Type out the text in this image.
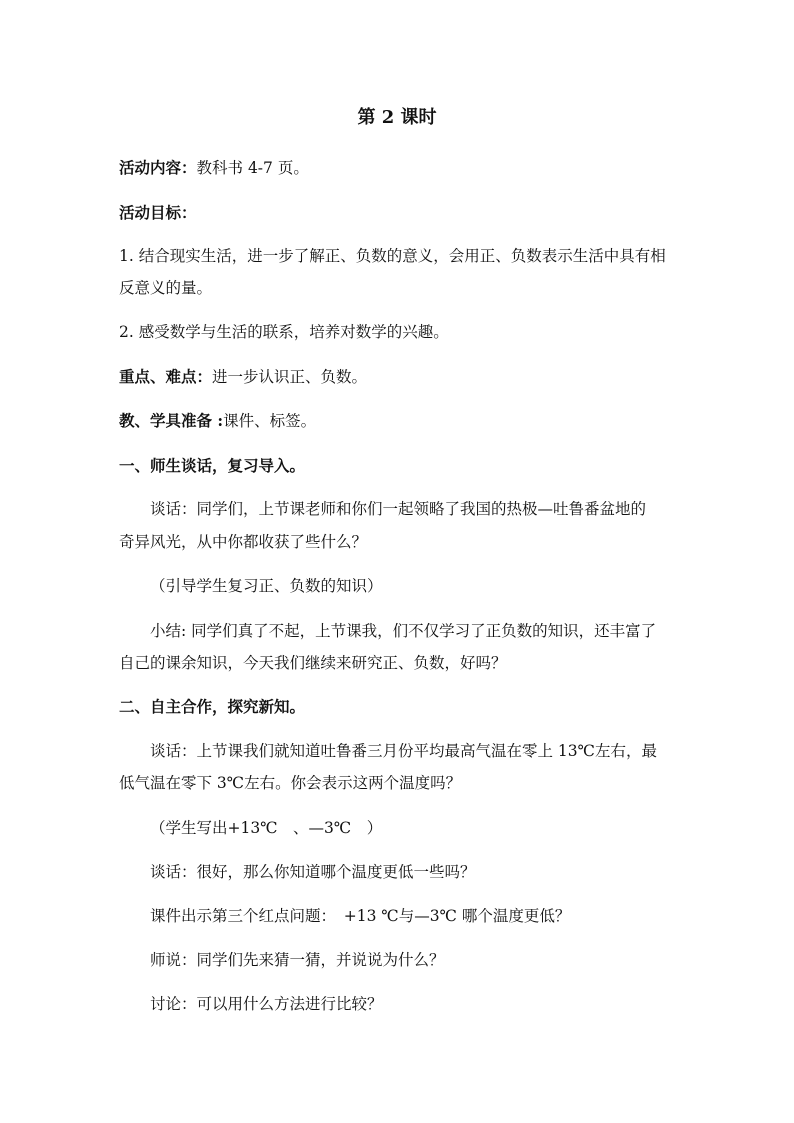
第 2 课时
活动内容：教科书 4-7 页。
活动目标：
1. 结合现实生活，进一步了解正、负数的意义，会用正、负数表示生活中具有相
反意义的量。
2. 感受数学与生活的联系，培养对数学的兴趣。
重点、难点：进一步认识正、负数。
教、学具准备 :课件、标签。
一、师生谈话，复习导入。
谈话：同学们，上节课老师和你们一起领略了我国的热极—吐鲁番盆地的
奇异风光，从中你都收获了些什么？
（引导学生复习正、负数的知识）
小结: 同学们真了不起，上节课我，们不仅学习了正负数的知识，还丰富了
自己的课余知识，今天我们继续来研究正、负数，好吗？
二、自主合作，探究新知。
谈话：上节课我们就知道吐鲁番三月份平均最高气温在零上 13℃左右，最
低气温在零下 3℃左右。你会表示这两个温度吗？
（学生写出+13℃　、—3℃　）
谈话：很好，那么你知道哪个温度更低一些吗？
课件出示第三个红点问题：　+13 ℃与—3℃ 哪个温度更低？
师说：同学们先来猜一猜，并说说为什么？
讨论：可以用什么方法进行比较？
